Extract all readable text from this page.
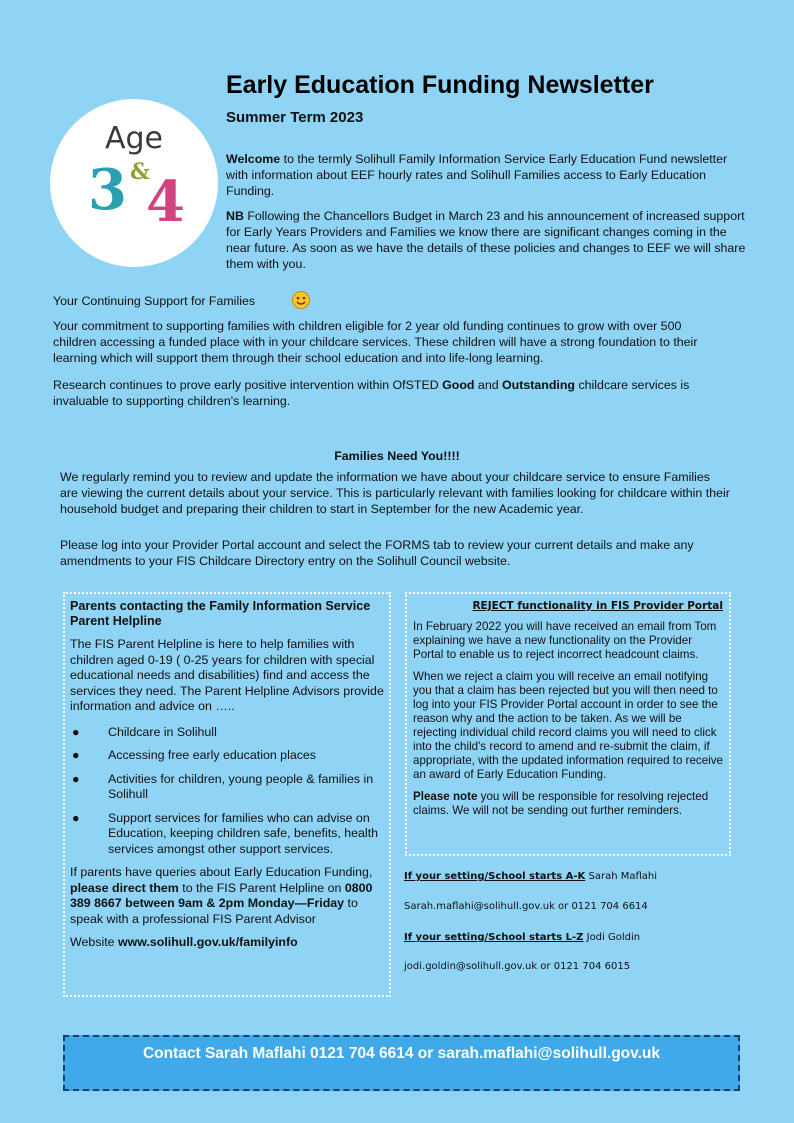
Age
3 &
4
Early Education Funding Newsletter
Summer Term 2023

Welcome to the termly Solihull Family Information Service Early Education Fund newsletter with information about EEF hourly rates and Solihull Families access to Early Education Funding.

NB Following the Chancellors Budget in March 23 and his announcement of increased support for Early Years Providers and Families we know there are significant changes coming in the near future. As soon as we have the details of these policies and changes to EEF we will share them with you.

Your Continuing Support for Families

Your commitment to supporting families with children eligible for 2 year old funding continues to grow with over 500 children accessing a funded place with in your childcare services. These children will have a strong foundation to their learning which will support them through their school education and into life-long learning.

Research continues to prove early positive intervention within OfSTED Good and Outstanding childcare services is invaluable to supporting children's learning.

Families Need You!!!!

We regularly remind you to review and update the information we have about your childcare service to ensure Families are viewing the current details about your service. This is particularly relevant with families looking for childcare within their household budget and preparing their children to start in September for the new Academic year.

Please log into your Provider Portal account and select the FORMS tab to review your current details and make any amendments to your FIS Childcare Directory entry on the Solihull Council website.

Parents contacting the Family Information Service Parent Helpline

The FIS Parent Helpline is here to help families with children aged 0-19 ( 0-25 years for children with special educational needs and disabilities) find and access the services they need. The Parent Helpline Advisors provide information and advice on …..

● Childcare in Solihull
● Accessing free early education places
● Activities for children, young people & families in Solihull
● Support services for families who can advise on Education, keeping children safe, benefits, health services amongst other support services.

If parents have queries about Early Education Funding, please direct them to the FIS Parent Helpline on 0800 389 8667 between 9am & 2pm Monday—Friday to speak with a professional FIS Parent Advisor

Website www.solihull.gov.uk/familyinfo

REJECT functionality in FIS Provider Portal

In February 2022 you will have received an email from Tom explaining we have a new functionality on the Provider Portal to enable us to reject incorrect headcount claims.

When we reject a claim you will receive an email notifying you that a claim has been rejected but you will then need to log into your FIS Provider Portal account in order to see the reason why and the action to be taken. As we will be rejecting individual child record claims you will need to click into the child's record to amend and re-submit the claim, if appropriate, with the updated information required to receive an award of Early Education Funding.

Please note you will be responsible for resolving rejected claims. We will not be sending out further reminders.

If your setting/School starts A-K Sarah Maflahi
Sarah.maflahi@solihull.gov.uk or 0121 704 6614
If your setting/School starts L-Z Jodi Goldin
jodi.goldin@solihull.gov.uk or 0121 704 6015
Contact Sarah Maflahi 0121 704 6614 or sarah.maflahi@solihull.gov.uk
